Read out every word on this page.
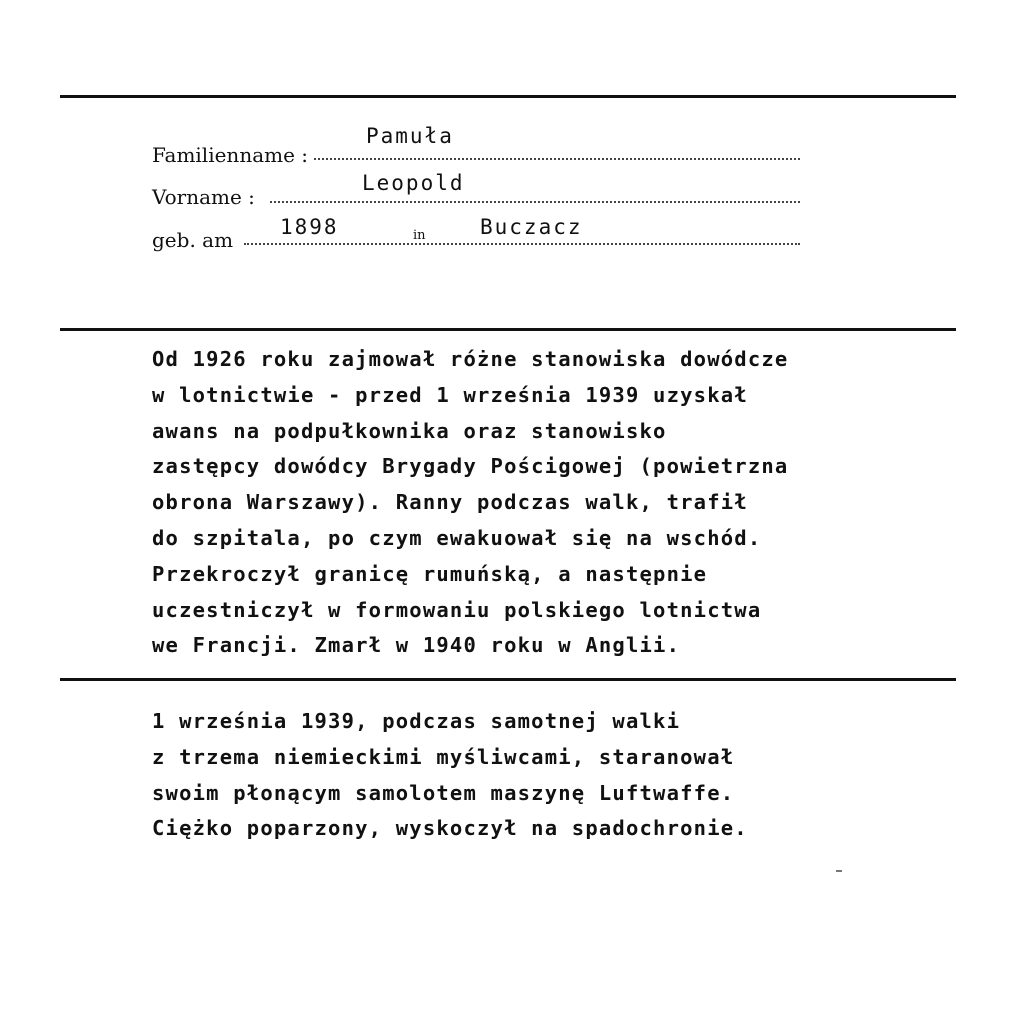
Familienname :
Pamuła
Vorname :
Leopold
geb. am
1898	in	Buczacz
Od 1926 roku zajmował różne stanowiska dowódcze
w lotnictwie - przed 1 września 1939 uzyskał
awans na podpułkownika oraz stanowisko
zastępcy dowódcy Brygady Pościgowej (powietrzna
obrona Warszawy). Ranny podczas walk, trafił
do szpitala, po czym ewakuował się na wschód.
Przekroczył granicę rumuńską, a następnie
uczestniczył w formowaniu polskiego lotnictwa
we Francji. Zmarł w 1940 roku w Anglii.
1 września 1939, podczas samotnej walki
z trzema niemieckimi myśliwcami, staranował
swoim płonącym samolotem maszynę Luftwaffe.
Ciężko poparzony, wyskoczył na spadochronie.
